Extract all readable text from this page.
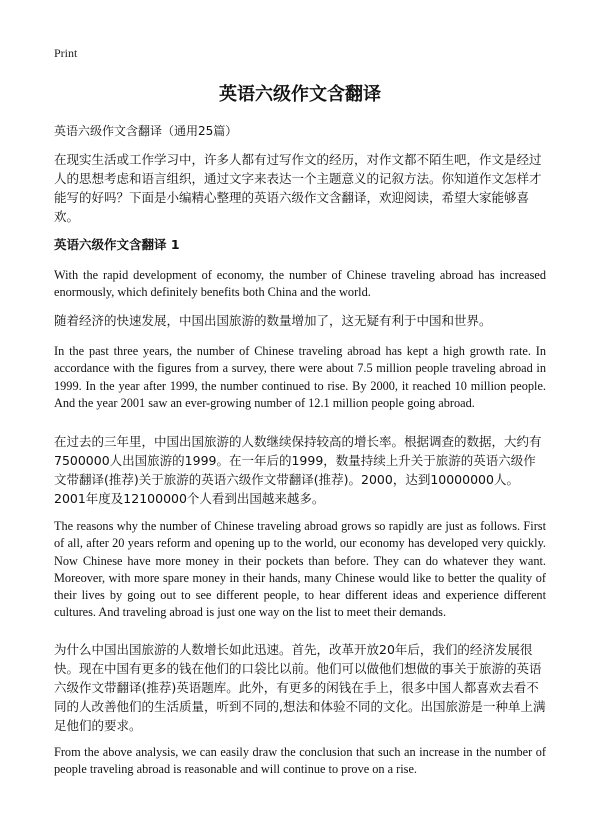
Print
英语六级作文含翻译

英语六级作文含翻译（通用25篇）

在现实生活或工作学习中，许多人都有过写作文的经历，对作文都不陌生吧，作文是经过人的思想考虑和语言组织，通过文字来表达一个主题意义的记叙方法。你知道作文怎样才能写的好吗？下面是小编精心整理的英语六级作文含翻译，欢迎阅读，希望大家能够喜欢。

英语六级作文含翻译 1

With the rapid development of economy, the number of Chinese traveling abroad has increased enormously, which definitely benefits both China and the world.

随着经济的快速发展，中国出国旅游的数量增加了，这无疑有利于中国和世界。

In the past three years, the number of Chinese traveling abroad has kept a high growth rate. In accordance with the figures from a survey, there were about 7.5 million people traveling abroad in 1999. In the year after 1999, the number continued to rise. By 2000, it reached 10 million people. And the year 2001 saw an ever-growing number of 12.1 million people going abroad.

在过去的三年里，中国出国旅游的人数继续保持较高的增长率。根据调查的数据，大约有7500000人出国旅游的1999。在一年后的1999，数量持续上升关于旅游的英语六级作文带翻译(推荐)关于旅游的英语六级作文带翻译(推荐)。2000，达到10000000人。2001年度及12100000个人看到出国越来越多。

The reasons why the number of Chinese traveling abroad grows so rapidly are just as follows. First of all, after 20 years reform and opening up to the world, our economy has developed very quickly. Now Chinese have more money in their pockets than before. They can do whatever they want. Moreover, with more spare money in their hands, many Chinese would like to better the quality of their lives by going out to see different people, to hear different ideas and experience different cultures. And traveling abroad is just one way on the list to meet their demands.

为什么中国出国旅游的人数增长如此迅速。首先，改革开放20年后，我们的经济发展很快。现在中国有更多的钱在他们的口袋比以前。他们可以做他们想做的事关于旅游的英语六级作文带翻译(推荐)英语题库。此外，有更多的闲钱在手上，很多中国人都喜欢去看不同的人改善他们的生活质量，听到不同的,想法和体验不同的文化。出国旅游是一种单上满足他们的要求。

From the above analysis, we can easily draw the conclusion that such an increase in the number of people traveling abroad is reasonable and will continue to prove on a rise.
